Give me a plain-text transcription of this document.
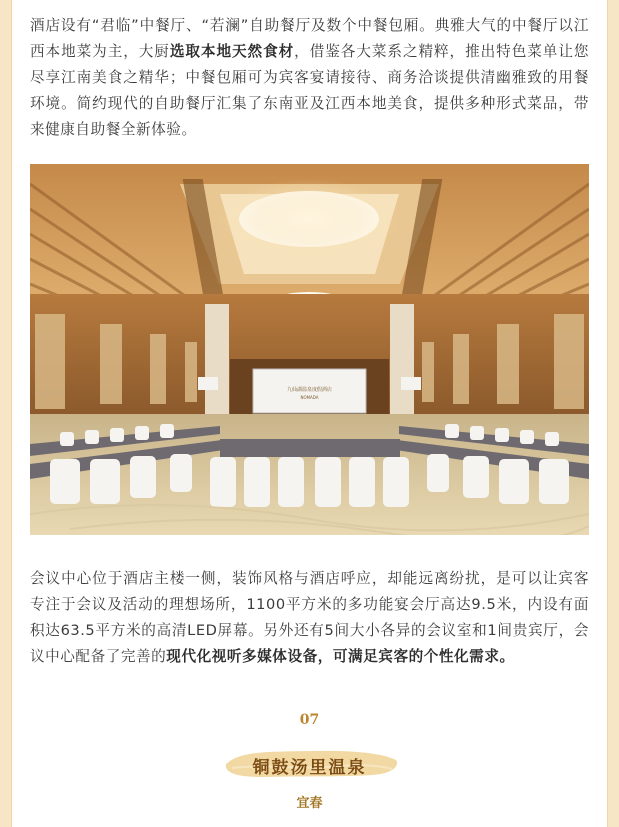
酒店设有“君临”中餐厅、“若澜”自助餐厅及数个中餐包厢。典雅大气的中餐厅以江西本地菜为主，大厨选取本地天然食材，借鉴各大菜系之精粹，推出特色菜单让您尽享江南美食之精华；中餐包厢可为宾客宴请接待、商务洽谈提供清幽雅致的用餐环境。简约现代的自助餐厅汇集了东南亚及江西本地美食，提供多种形式菜品，带来健康自助餐全新体验。

九仙湖温泉度假酒店
NOMADA

会议中心位于酒店主楼一侧，装饰风格与酒店呼应，却能远离纷扰，是可以让宾客专注于会议及活动的理想场所，1100平方米的多功能宴会厅高达9.5米，内设有面积达63.5平方米的高清LED屏幕。另外还有5间大小各异的会议室和1间贵宾厅，会议中心配备了完善的现代化视听多媒体设备，可满足宾客的个性化需求。

07
铜鼓汤里温泉
宜春
